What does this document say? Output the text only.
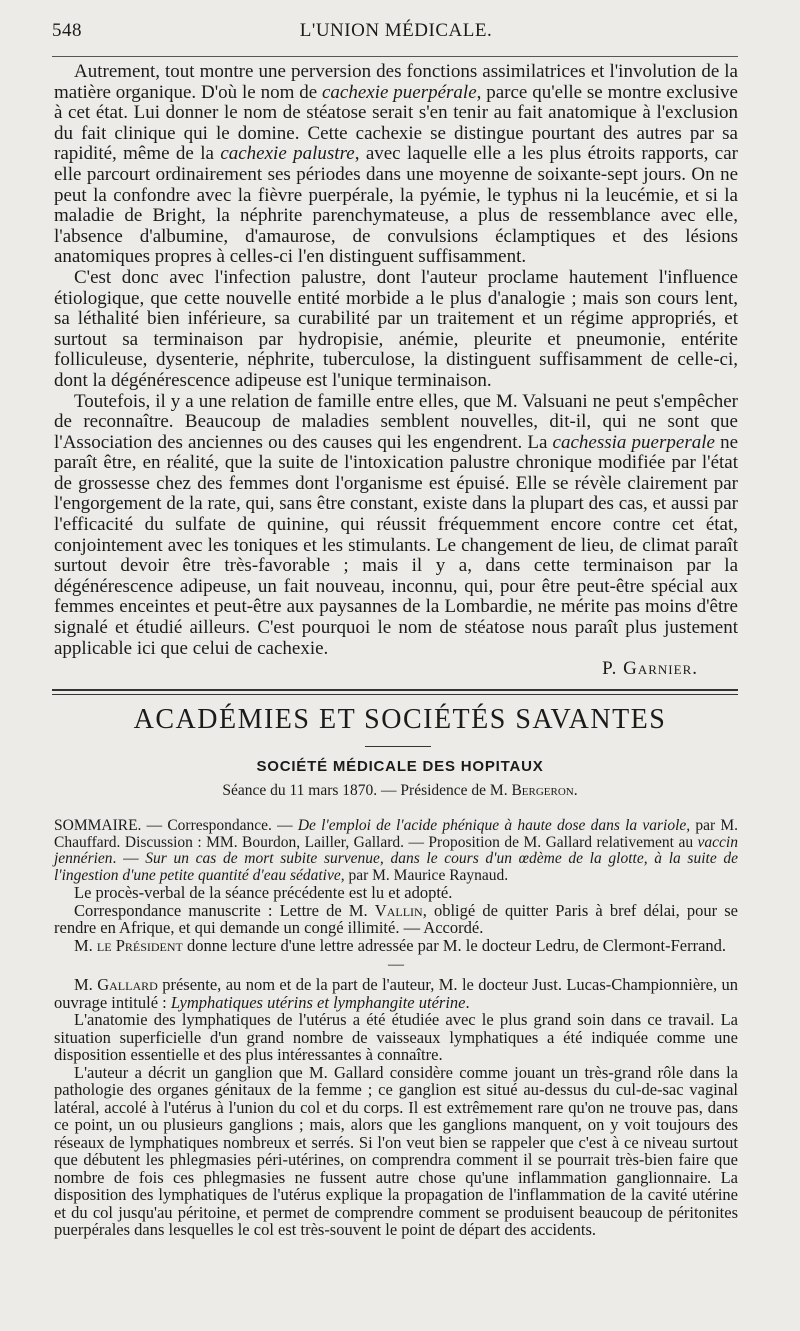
548	L'UNION MÉDICALE.

Autrement, tout montre une perversion des fonctions assimilatrices et l'involution de la matière organique. D'où le nom de cachexie puerpérale, parce qu'elle se montre exclusive à cet état. Lui donner le nom de stéatose serait s'en tenir au fait anatomique à l'exclusion du fait clinique qui le domine. Cette cachexie se distingue pourtant des autres par sa rapidité, même de la cachexie palustre, avec laquelle elle a les plus étroits rapports, car elle parcourt ordinairement ses périodes dans une moyenne de soixante-sept jours. On ne peut la confondre avec la fièvre puerpérale, la pyémie, le typhus ni la leucémie, et si la maladie de Bright, la néphrite parenchymateuse, a plus de ressemblance avec elle, l'absence d'albumine, d'amaurose, de convulsions éclamptiques et des lésions anatomiques propres à celles-ci l'en distinguent suffisamment.

C'est donc avec l'infection palustre, dont l'auteur proclame hautement l'influence étiologique, que cette nouvelle entité morbide a le plus d'analogie ; mais son cours lent, sa léthalité bien inférieure, sa curabilité par un traitement et un régime appropriés, et surtout sa terminaison par hydropisie, anémie, pleurite et pneumonie, entérite folliculeuse, dysenterie, néphrite, tuberculose, la distinguent suffisamment de celle-ci, dont la dégénérescence adipeuse est l'unique terminaison.

Toutefois, il y a une relation de famille entre elles, que M. Valsuani ne peut s'empêcher de reconnaître. Beaucoup de maladies semblent nouvelles, dit-il, qui ne sont que l'Association des anciennes ou des causes qui les engendrent. La cachessia puerperale ne paraît être, en réalité, que la suite de l'intoxication palustre chronique modifiée par l'état de grossesse chez des femmes dont l'organisme est épuisé. Elle se révèle clairement par l'engorgement de la rate, qui, sans être constant, existe dans la plupart des cas, et aussi par l'efficacité du sulfate de quinine, qui réussit fréquemment encore contre cet état, conjointement avec les toniques et les stimulants. Le changement de lieu, de climat paraît surtout devoir être très-favorable ; mais il y a, dans cette terminaison par la dégénérescence adipeuse, un fait nouveau, inconnu, qui, pour être peut-être spécial aux femmes enceintes et peut-être aux paysannes de la Lombardie, ne mérite pas moins d'être signalé et étudié ailleurs. C'est pourquoi le nom de stéatose nous paraît plus justement applicable ici que celui de cachexie.

P. Garnier.
ACADÉMIES ET SOCIÉTÉS SAVANTES
SOCIÉTÉ MÉDICALE DES HOPITAUX
Séance du 11 mars 1870. — Présidence de M. Bergeron.

SOMMAIRE. — Correspondance. — De l'emploi de l'acide phénique à haute dose dans la variole, par M. Chauffard. Discussion : MM. Bourdon, Lailler, Gallard. — Proposition de M. Gallard relativement au vaccin jennérien. — Sur un cas de mort subite survenue, dans le cours d'un œdème de la glotte, à la suite de l'ingestion d'une petite quantité d'eau sédative, par M. Maurice Raynaud.

Le procès-verbal de la séance précédente est lu et adopté.

Correspondance manuscrite : Lettre de M. Vallin, obligé de quitter Paris à bref délai, pour se rendre en Afrique, et qui demande un congé illimité. — Accordé.

M. le Président donne lecture d'une lettre adressée par M. le docteur Ledru, de Clermont-Ferrand.

—

M. Gallard présente, au nom et de la part de l'auteur, M. le docteur Just. Lucas-Championnière, un ouvrage intitulé : Lymphatiques utérins et lymphangite utérine.

L'anatomie des lymphatiques de l'utérus a été étudiée avec le plus grand soin dans ce travail. La situation superficielle d'un grand nombre de vaisseaux lymphatiques a été indiquée comme une disposition essentielle et des plus intéressantes à connaître.

L'auteur a décrit un ganglion que M. Gallard considère comme jouant un très-grand rôle dans la pathologie des organes génitaux de la femme ; ce ganglion est situé au-dessus du cul-de-sac vaginal latéral, accolé à l'utérus à l'union du col et du corps. Il est extrêmement rare qu'on ne trouve pas, dans ce point, un ou plusieurs ganglions ; mais, alors que les ganglions manquent, on y voit toujours des réseaux de lymphatiques nombreux et serrés. Si l'on veut bien se rappeler que c'est à ce niveau surtout que débutent les phlegmasies péri-utérines, on comprendra comment il se pourrait très-bien faire que nombre de fois ces phlegmasies ne fussent autre chose qu'une inflammation ganglionnaire. La disposition des lymphatiques de l'utérus explique la propagation de l'inflammation de la cavité utérine et du col jusqu'au péritoine, et permet de comprendre comment se produisent beaucoup de péritonites puerpérales dans lesquelles le col est très-souvent le point de départ des accidents.
